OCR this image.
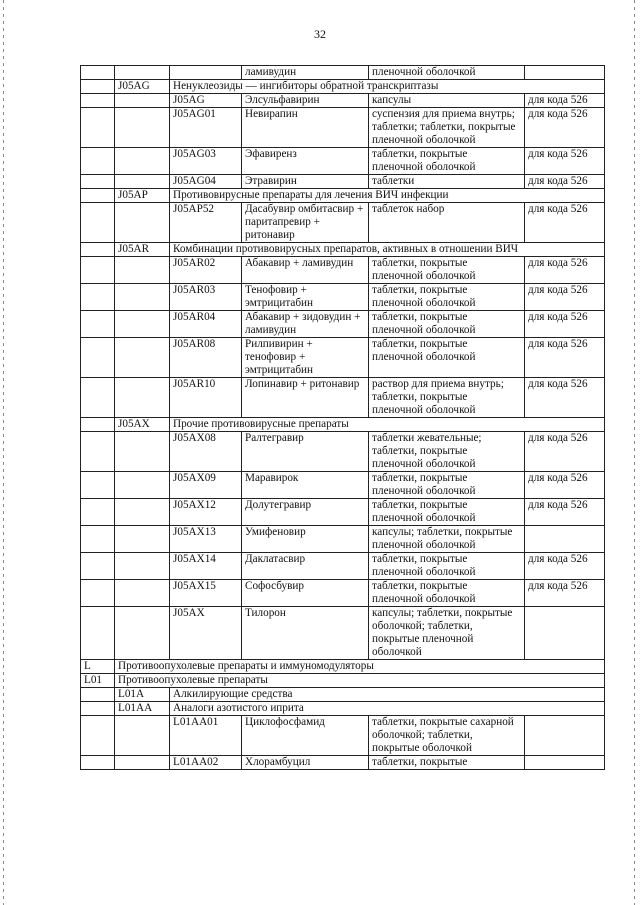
32
			ламивудин	пленочной оболочкой	
	J05AG	Ненуклеозиды — ингибиторы обратной транскриптазы			
		J05AG	Элсульфавирин	капсулы	для кода 526
		J05AG01	Невирапин	суспензия для приема внутрь; таблетки; таблетки, покрытые пленочной оболочкой	для кода 526
		J05AG03	Эфавиренз	таблетки, покрытые пленочной оболочкой	для кода 526
		J05AG04	Этравирин	таблетки	для кода 526
	J05AP	Противовирусные препараты для лечения ВИЧ инфекции			
		J05AP52	Дасабувир омбитасвир + паритапревир + ритонавир	таблеток набор	для кода 526
	J05AR	Комбинации противовирусных препаратов, активных в отношении ВИЧ			
		J05AR02	Абакавир + ламивудин	таблетки, покрытые пленочной оболочкой	для кода 526
		J05AR03	Тенофовир + эмтрицитабин	таблетки, покрытые пленочной оболочкой	для кода 526
		J05AR04	Абакавир + зидовудин + ламивудин	таблетки, покрытые пленочной оболочкой	для кода 526
		J05AR08	Рилпивирин + тенофовир + эмтрицитабин	таблетки, покрытые пленочной оболочкой	для кода 526
		J05AR10	Лопинавир + ритонавир	раствор для приема внутрь; таблетки, покрытые пленочной оболочкой	для кода 526
	J05AX	Прочие противовирусные препараты			
		J05AX08	Ралтегравир	таблетки жевательные; таблетки, покрытые пленочной оболочкой	для кода 526
		J05AX09	Маравирок	таблетки, покрытые пленочной оболочкой	для кода 526
		J05AX12	Долутегравир	таблетки, покрытые пленочной оболочкой	для кода 526
		J05AX13	Умифеновир	капсулы; таблетки, покрытые пленочной оболочкой	
		J05AX14	Даклатасвир	таблетки, покрытые пленочной оболочкой	для кода 526
		J05AX15	Софосбувир	таблетки, покрытые пленочной оболочкой	для кода 526
		J05AX	Тилорон	капсулы; таблетки, покрытые оболочкой; таблетки, покрытые пленочной оболочкой	
L	Противоопухолевые препараты и иммуномодуляторы				
L01	Противоопухолевые препараты				
	L01A	Алкилирующие средства			
	L01AA	Аналоги азотистого иприта			
		L01AA01	Циклофосфамид	таблетки, покрытые сахарной оболочкой; таблетки, покрытые оболочкой	
		L01AA02	Хлорамбуцил	таблетки, покрытые	
